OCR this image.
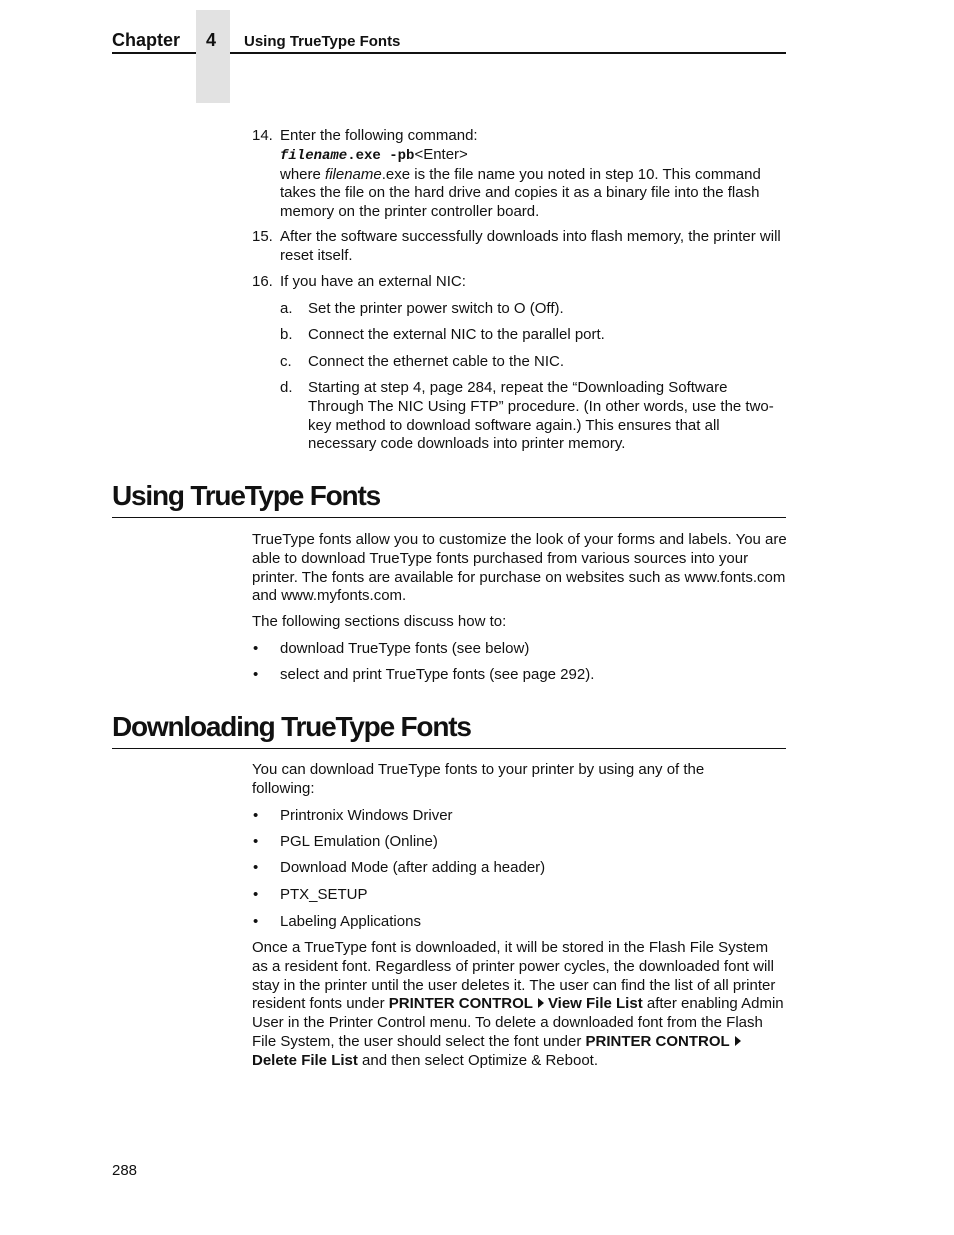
Chapter 4 Using TrueType Fonts
14. Enter the following command:
filename.exe -pb<Enter>
where filename.exe is the file name you noted in step 10. This command takes the file on the hard drive and copies it as a binary file into the flash memory on the printer controller board.
15. After the software successfully downloads into flash memory, the printer will reset itself.
16. If you have an external NIC:
a. Set the printer power switch to O (Off).
b. Connect the external NIC to the parallel port.
c. Connect the ethernet cable to the NIC.
d. Starting at step 4, page 284, repeat the “Downloading Software Through The NIC Using FTP” procedure. (In other words, use the two-key method to download software again.) This ensures that all necessary code downloads into printer memory.
Using TrueType Fonts
TrueType fonts allow you to customize the look of your forms and labels. You are able to download TrueType fonts purchased from various sources into your printer. The fonts are available for purchase on websites such as www.fonts.com and www.myfonts.com.
The following sections discuss how to:
• download TrueType fonts (see below)
• select and print TrueType fonts (see page 292).
Downloading TrueType Fonts
You can download TrueType fonts to your printer by using any of the following:
• Printronix Windows Driver
• PGL Emulation (Online)
• Download Mode (after adding a header)
• PTX_SETUP
• Labeling Applications
Once a TrueType font is downloaded, it will be stored in the Flash File System as a resident font. Regardless of printer power cycles, the downloaded font will stay in the printer until the user deletes it. The user can find the list of all printer resident fonts under PRINTER CONTROL View File List after enabling Admin User in the Printer Control menu. To delete a downloaded font from the Flash File System, the user should select the font under PRINTER CONTROLDelete File List and then select Optimize & Reboot.
288
